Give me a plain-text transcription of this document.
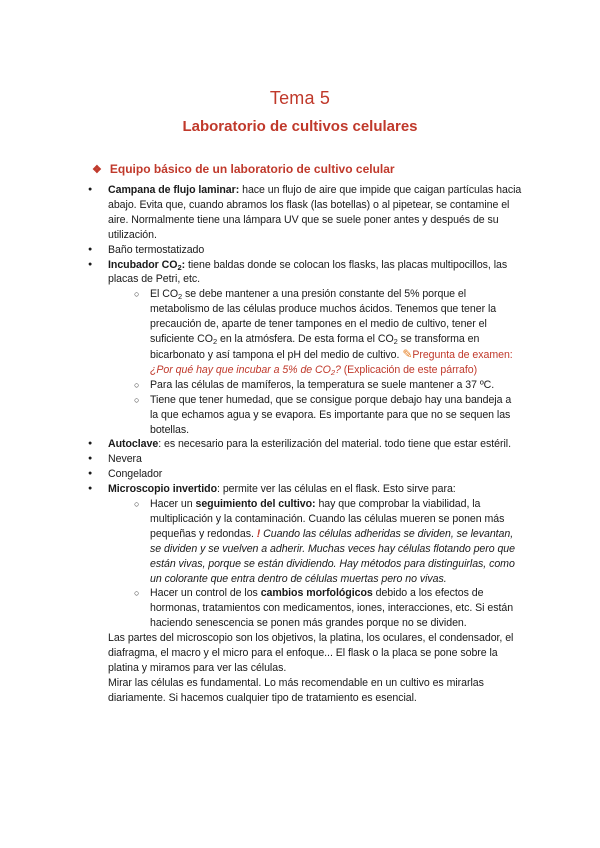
Tema 5
Laboratorio de cultivos celulares
❖ Equipo básico de un laboratorio de cultivo celular
● Campana de flujo laminar: hace un flujo de aire que impide que caigan partículas hacia abajo. Evita que, cuando abramos los flask (las botellas) o al pipetear, se contamine el aire. Normalmente tiene una lámpara UV que se suele poner antes y después de su utilización.
● Baño termostatizado
● Incubador $CO_2$: tiene baldas donde se colocan los flasks, las placas multipocillos, las placas de Petri, etc.
○ El $CO_2$ se debe mantener a una presión constante del 5% porque el metabolismo de las células produce muchos ácidos. Tenemos que tener la precaución de, aparte de tener tampones en el medio de cultivo, tener el suficiente $CO_2$ en la atmósfera. De esta forma el $CO_2$ se transforma en bicarbonato y así tampona el pH del medio de cultivo. ✎Pregunta de examen: ¿Por qué hay que incubar a 5% de $CO_2$? (Explicación de este párrafo)
○ Para las células de mamíferos, la temperatura se suele mantener a 37 ºC.
○ Tiene que tener humedad, que se consigue porque debajo hay una bandeja a la que echamos agua y se evapora. Es importante para que no se sequen las botellas.
● Autoclave: es necesario para la esterilización del material. todo tiene que estar estéril.
● Nevera
● Congelador
● Microscopio invertido: permite ver las células en el flask. Esto sirve para:
○ Hacer un seguimiento del cultivo: hay que comprobar la viabilidad, la multiplicación y la contaminación. Cuando las células mueren se ponen más pequeñas y redondas. ! Cuando las células adheridas se dividen, se levantan, se dividen y se vuelven a adherir. Muchas veces hay células flotando pero que están vivas, porque se están dividiendo. Hay métodos para distinguirlas, como un colorante que entra dentro de células muertas pero no vivas.
○ Hacer un control de los cambios morfológicos debido a los efectos de hormonas, tratamientos con medicamentos, iones, interacciones, etc. Si están haciendo senescencia se ponen más grandes porque no se dividen.
Las partes del microscopio son los objetivos, la platina, los oculares, el condensador, el diafragma, el macro y el micro para el enfoque... El flask o la placa se pone sobre la platina y miramos para ver las células.
Mirar las células es fundamental. Lo más recomendable en un cultivo es mirarlas diariamente. Si hacemos cualquier tipo de tratamiento es esencial.
